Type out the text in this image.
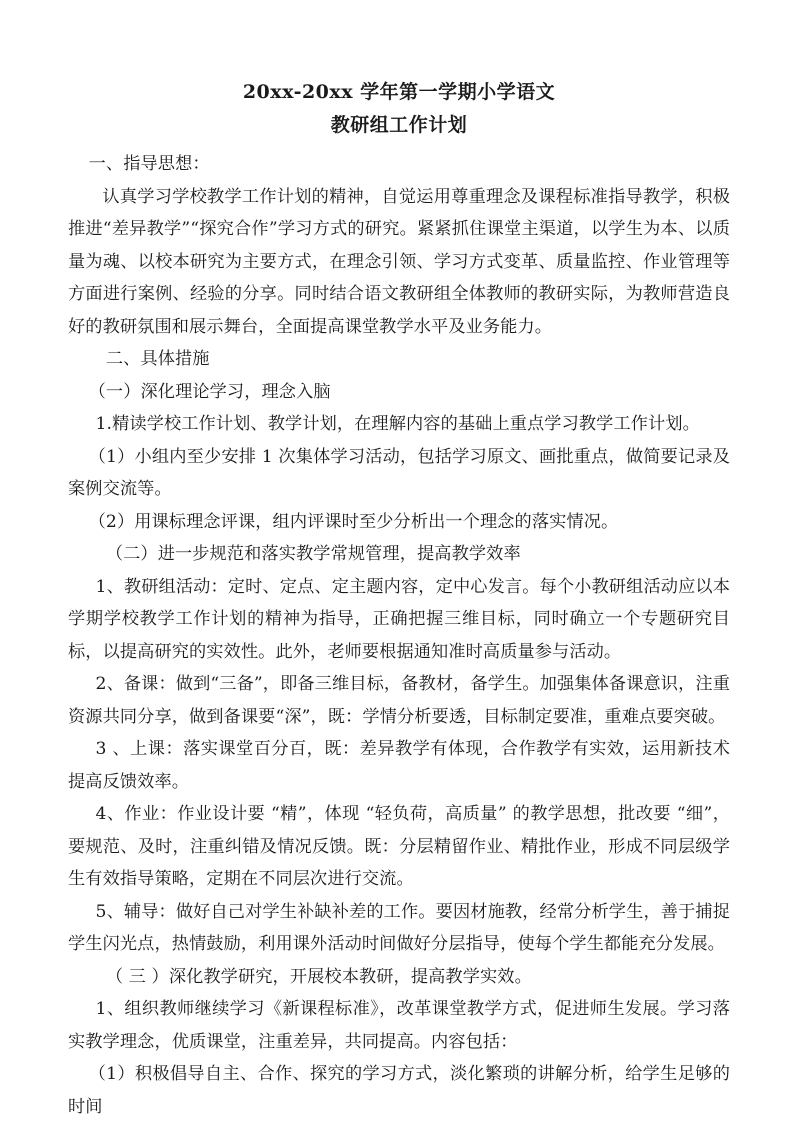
20xx-20xx 学年第一学期小学语文
教研组工作计划

一、指导思想：

认真学习学校教学工作计划的精神，自觉运用尊重理念及课程标准指导教学，积极推进“差异教学”“探究合作”学习方式的研究。紧紧抓住课堂主渠道，以学生为本、以质量为魂、以校本研究为主要方式，在理念引领、学习方式变革、质量监控、作业管理等方面进行案例、经验的分享。同时结合语文教研组全体教师的教研实际，为教师营造良好的教研氛围和展示舞台，全面提高课堂教学水平及业务能力。

二、具体措施

（一）深化理论学习，理念入脑

1.精读学校工作计划、教学计划，在理解内容的基础上重点学习教学工作计划。

（1）小组内至少安排 1 次集体学习活动，包括学习原文、画批重点，做简要记录及案例交流等。

（2）用课标理念评课，组内评课时至少分析出一个理念的落实情况。

（二）进一步规范和落实教学常规管理，提高教学效率

1、教研组活动：定时、定点、定主题内容，定中心发言。每个小教研组活动应以本学期学校教学工作计划的精神为指导，正确把握三维目标，同时确立一个专题研究目标，以提高研究的实效性。此外，老师要根据通知准时高质量参与活动。

2、备课：做到“三备”，即备三维目标，备教材，备学生。加强集体备课意识，注重资源共同分享，做到备课要“深”，既：学情分析要透，目标制定要准，重难点要突破。

3 、上课：落实课堂百分百，既：差异教学有体现，合作教学有实效，运用新技术提高反馈效率。

4、作业：作业设计要 “精”，体现 “轻负荷，高质量” 的教学思想，批改要 “细”，要规范、及时，注重纠错及情况反馈。既：分层精留作业、精批作业，形成不同层级学生有效指导策略，定期在不同层次进行交流。

5、辅导：做好自己对学生补缺补差的工作。要因材施教，经常分析学生，善于捕捉学生闪光点，热情鼓励，利用课外活动时间做好分层指导，使每个学生都能充分发展。

（ 三 ）深化教学研究，开展校本教研，提高教学实效。

1、组织教师继续学习《新课程标准》，改革课堂教学方式，促进师生发展。学习落实教学理念，优质课堂，注重差异，共同提高。内容包括：

（1）积极倡导自主、合作、探究的学习方式，淡化繁琐的讲解分析，给学生足够的时间
